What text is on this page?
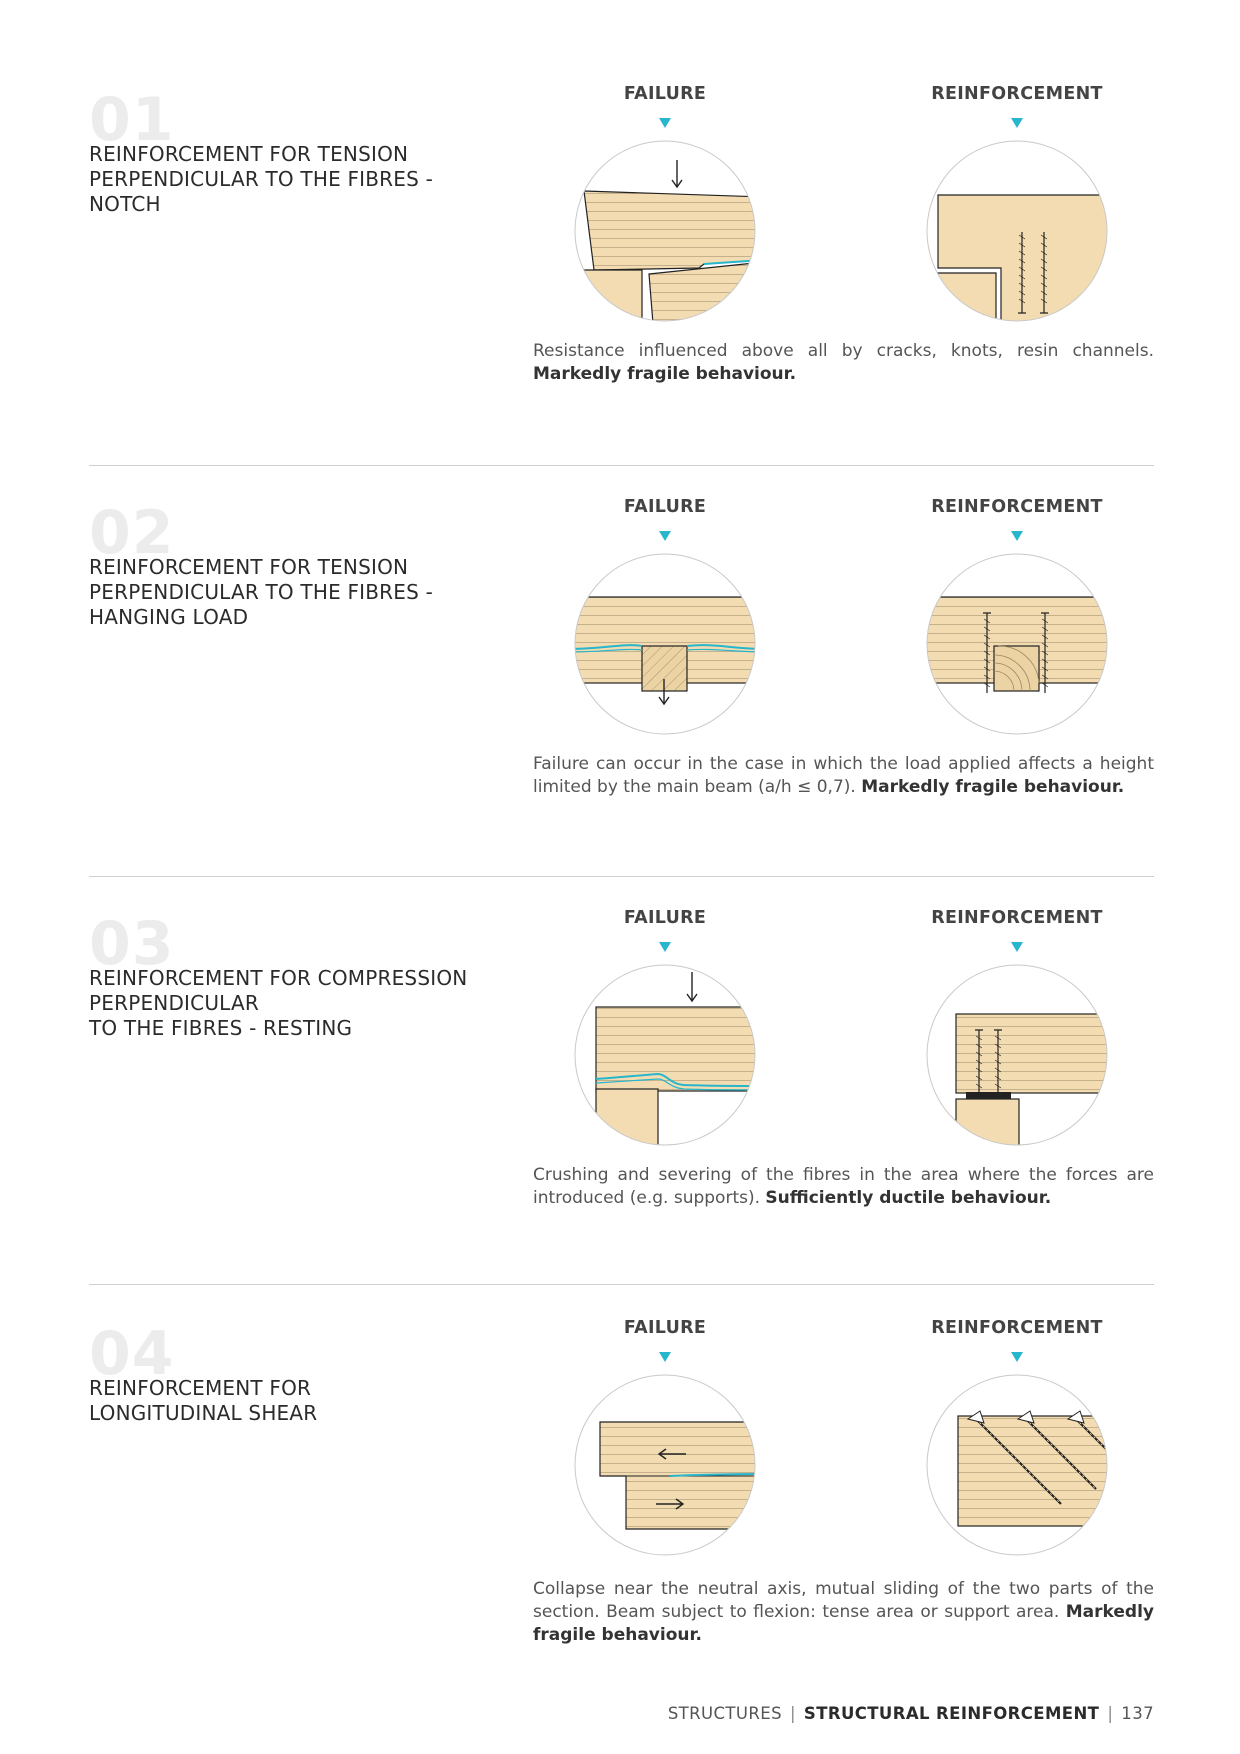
01
REINFORCEMENT FOR TENSION
PERPENDICULAR TO THE FIBRES -
NOTCH
FAILURE	REINFORCEMENT
Resistance influenced above all by cracks, knots, resin channels. Markedly fragile behaviour.
02
REINFORCEMENT FOR TENSION
PERPENDICULAR TO THE FIBRES -
HANGING LOAD
FAILURE	REINFORCEMENT
Failure can occur in the case in which the load applied affects a height limited by the main beam (a/h ≤ 0,7). Markedly fragile behaviour.
03
REINFORCEMENT FOR COMPRESSION
PERPENDICULAR
TO THE FIBRES - RESTING
FAILURE	REINFORCEMENT
Crushing and severing of the fibres in the area where the forces are introduced (e.g. supports). Sufficiently ductile behaviour.
04
REINFORCEMENT FOR
LONGITUDINAL SHEAR
FAILURE	REINFORCEMENT
Collapse near the neutral axis, mutual sliding of the two parts of the section. Beam subject to flexion: tense area or support area. Markedly fragile behaviour.
STRUCTURES | STRUCTURAL REINFORCEMENT | 137
